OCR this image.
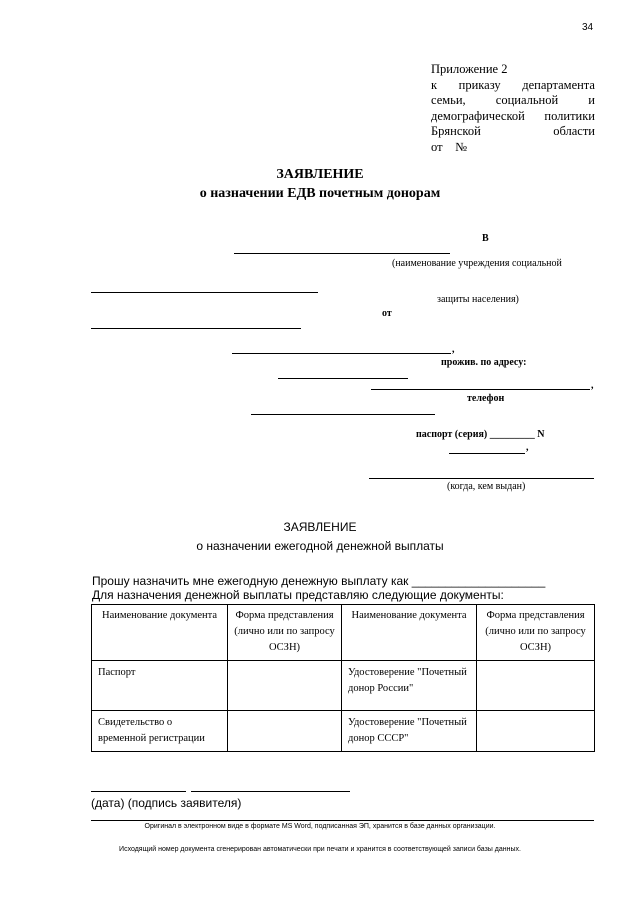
34
Приложение 2
к приказу департамента
семьи, социальной и
демографической политики
Брянской	области
от №
ЗАЯВЛЕНИЕ
о назначении ЕДВ почетным донорам
В
(наименование учреждения социальной
защиты населения)
от
,
прожив. по адресу:
,
телефон
паспорт (серия) _________ N
,
(когда, кем выдан)
ЗАЯВЛЕНИЕ
о назначении ежегодной денежной выплаты
Прошу назначить мне ежегодную денежную выплату как ____________________
Для назначения денежной выплаты представляю следующие документы:
Наименование документа	Форма представления (лично или по запросу ОСЗН)	Наименование документа	Форма представления (лично или по запросу ОСЗН)
Паспорт		Удостоверение "Почетный донор России"	
Свидетельство о временной регистрации		Удостоверение "Почетный донор СССР"	
(дата) (подпись заявителя)
Оригинал в электронном виде в формате MS Word, подписанная ЭП, хранится в базе данных организации.
Исходящий номер документа сгенерирован автоматически при печати и хранится в соответствующей записи базы данных.
